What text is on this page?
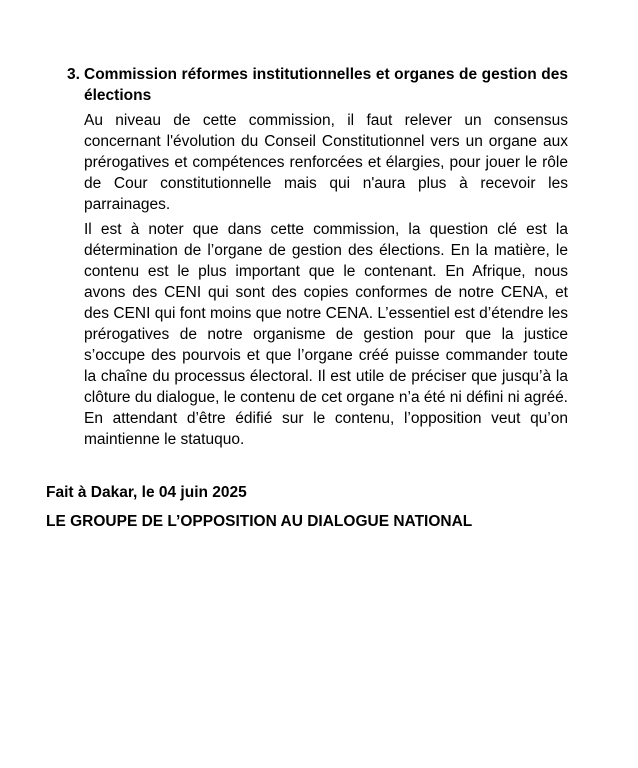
3. Commission réformes institutionnelles et organes de gestion des élections

Au niveau de cette commission, il faut relever un consensus concernant l'évolution du Conseil Constitutionnel vers un organe aux prérogatives et compétences renforcées et élargies, pour jouer le rôle de Cour constitutionnelle mais qui n'aura plus à recevoir les parrainages.

Il est à noter que dans cette commission, la question clé est la détermination de l’organe de gestion des élections. En la matière, le contenu est le plus important que le contenant. En Afrique, nous avons des CENI qui sont des copies conformes de notre CENA, et des CENI qui font moins que notre CENA. L’essentiel est d’étendre les prérogatives de notre organisme de gestion pour que la justice s’occupe des pourvois et que l’organe créé puisse commander toute la chaîne du processus électoral. Il est utile de préciser que jusqu’à la clôture du dialogue, le contenu de cet organe n’a été ni défini ni agréé. En attendant d’être édifié sur le contenu, l’opposition veut qu’on maintienne le statuquo.

Fait à Dakar, le 04 juin 2025

LE GROUPE DE L’OPPOSITION AU DIALOGUE NATIONAL
